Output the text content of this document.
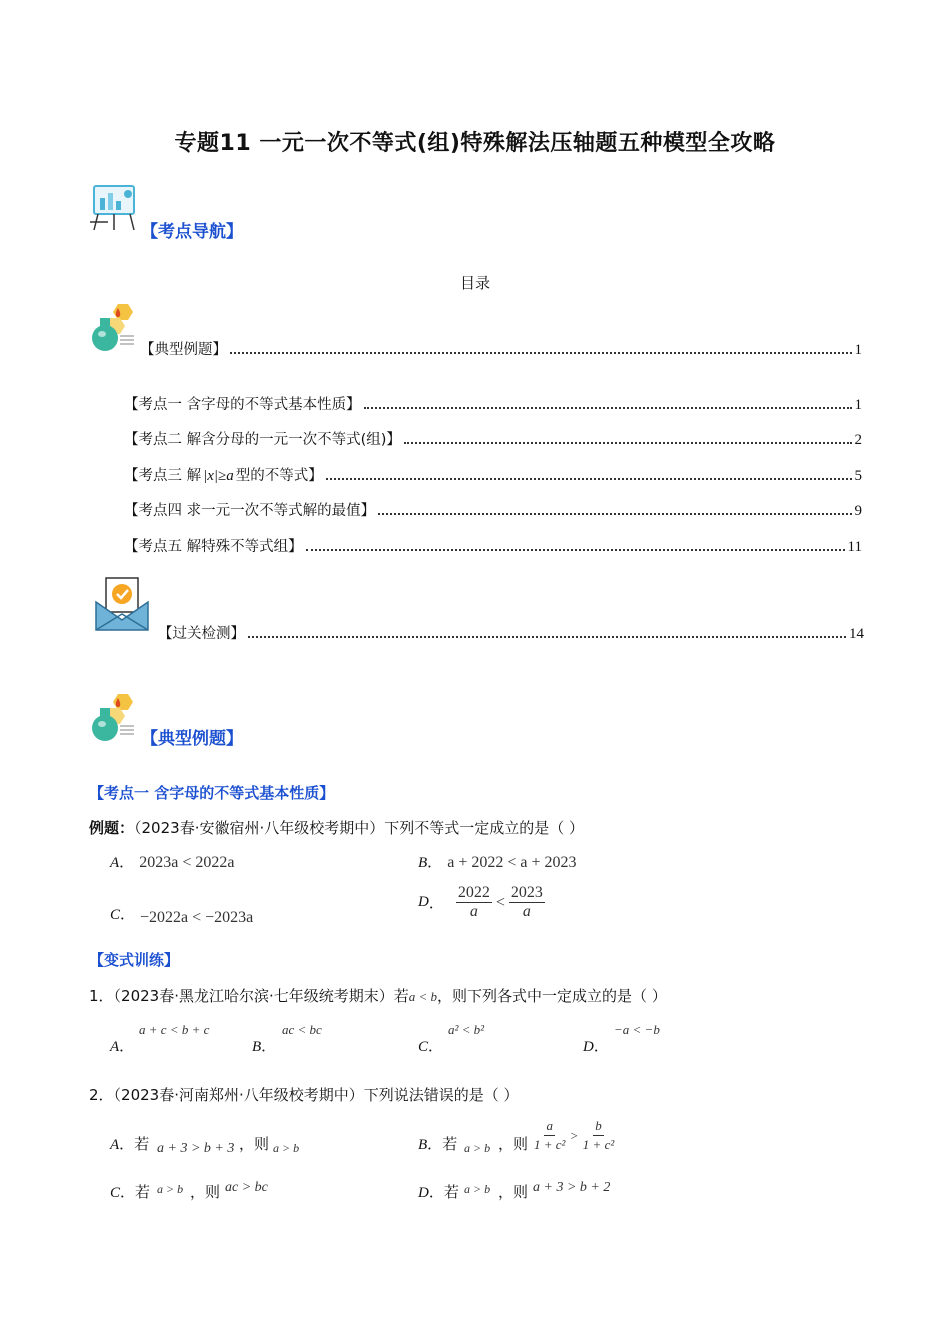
专题11 一元一次不等式(组)特殊解法压轴题五种模型全攻略
【考点导航】
目录
【典型例题】	1
【考点一 含字母的不等式基本性质】	1
【考点二 解含分母的一元一次不等式(组)】	2
【考点三 解 |x|≥a 型的不等式】	5
【考点四 求一元一次不等式解的最值】	9
【考点五 解特殊不等式组】	11
【过关检测】	14
【典型例题】
【考点一 含字母的不等式基本性质】
例题：（2023春·安徽宿州·八年级校考期中）下列不等式一定成立的是（ ）
A． 2023a < 2022a	B． a + 2022 < a + 2023
C． −2022a < −2023a
D ． $\frac{2022}{a} < \frac{2023}{a}$
【变式训练】
1．（2023春·黑龙江哈尔滨·七年级统考期末）若a < b，则下列各式中一定成立的是（ ）
A．
a + c < b + c
B．
ac < bc
C．
a² < b²
D．
−a < −b
2．（2023春·河南郑州·八年级校考期中）下列说法错误的是（ ）
A．若 a + 3 > b + 3 ，则 a > b	B．若 a > b ，则 $\frac{a}{\text{1 + c²}} > \frac{b}{\text{1 + c²}}$
C．若 a > b ，则 ac > bc	D．若 a > b ，则 a + 3 > b + 2
